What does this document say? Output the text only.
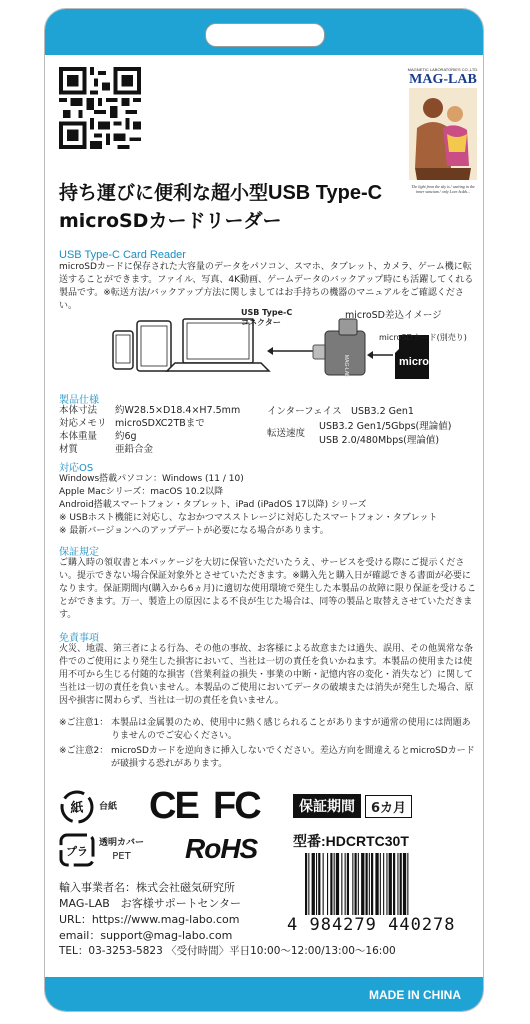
MAGNETIC LABORATORIES CO.,LTD.
MAG-LAB
The light from the sky is / waiting in the inner sanctum / only Love holds...
持ち運びに便利な超小型USB Type-C
microSDカードリーダー
USB Type-C Card Reader
microSDカードに保存された大容量のデータをパソコン、スマホ、タブレット、カメラ、ゲーム機に転送することができます。ファイル、写真、4K動画、ゲームデータのバックアップ時にも活躍してくれる製品です。※転送方法/バックアップ方法に関しましてはお手持ちの機器のマニュアルをご確認ください。
MAG-LAB	micro
USB Type-C
コネクター
microSD差込イメージ
microSDカード(別売り)
製品仕様
本体寸法 約W28.5×D18.4×H7.5mm
対応メモリ microSDXC2TBまで
本体重量 約6g
材質	亜鉛合金
インターフェイス USB3.2 Gen1
転送速度
USB3.2 Gen1/5Gbps(理論値)
USB 2.0/480Mbps(理論値)
対応OS
Windows搭載パソコン：Windows (11 / 10)
Apple Macシリーズ：macOS 10.2以降
Android搭載スマートフォン・タブレット、iPad (iPadOS 17以降) シリーズ
※ USBホスト機能に対応し、なおかつマスストレージに対応したスマートフォン・タブレット
※ 最新バージョンへのアップデートが必要になる場合があります。
保証規定
ご購入時の領収書と本パッケージを大切に保管いただいたうえ、サービスを受ける際にご提示ください。提示できない場合保証対象外とさせていただきます。※購入先と購入日が確認できる書面が必要になります。保証期間内(購入から6ヵ月)に適切な使用環境で発生した本製品の故障に限り保証を受けることができます。万一、製造上の原因による不良が生じた場合は、同等の製品と取替えさせていただきます。
免責事項
火災、地震、第三者による行為、その他の事故、お客様による故意または過失、誤用、その他異常な条件でのご使用により発生した損害において、当社は一切の責任を負いかねます。本製品の使用または使用不可から生じる付随的な損害（営業利益の損失・事業の中断・記憶内容の変化・消失など）に関して当社は一切の責任を負いません。本製品のご使用においてデータの破壊または消失が発生した場合、原因や損害に関わらず、当社は一切の責任を負いません。
※ご注意1： 本製品は金属製のため、使用中に熱く感じられることがありますが通常の使用には問題ありませんのでご安心ください。
※ご注意2： microSDカードを逆向きに挿入しないでください。差込方向を間違えるとmicroSDカードが破損する恐れがあります。
紙 台紙 CE FC
プラ
透明カバー
PET	RoHS
保証期間	6カ月
型番:HDCRTC30T
4 984279 440278
輸入事業者名：株式会社磁気研究所
MAG-LAB　お客様サポートセンター
URL：https://www.mag-labo.com
email：support@mag-labo.com
TEL：03-3253-5823 〈受付時間〉平日10:00〜12:00/13:00〜16:00
MADE IN CHINA
